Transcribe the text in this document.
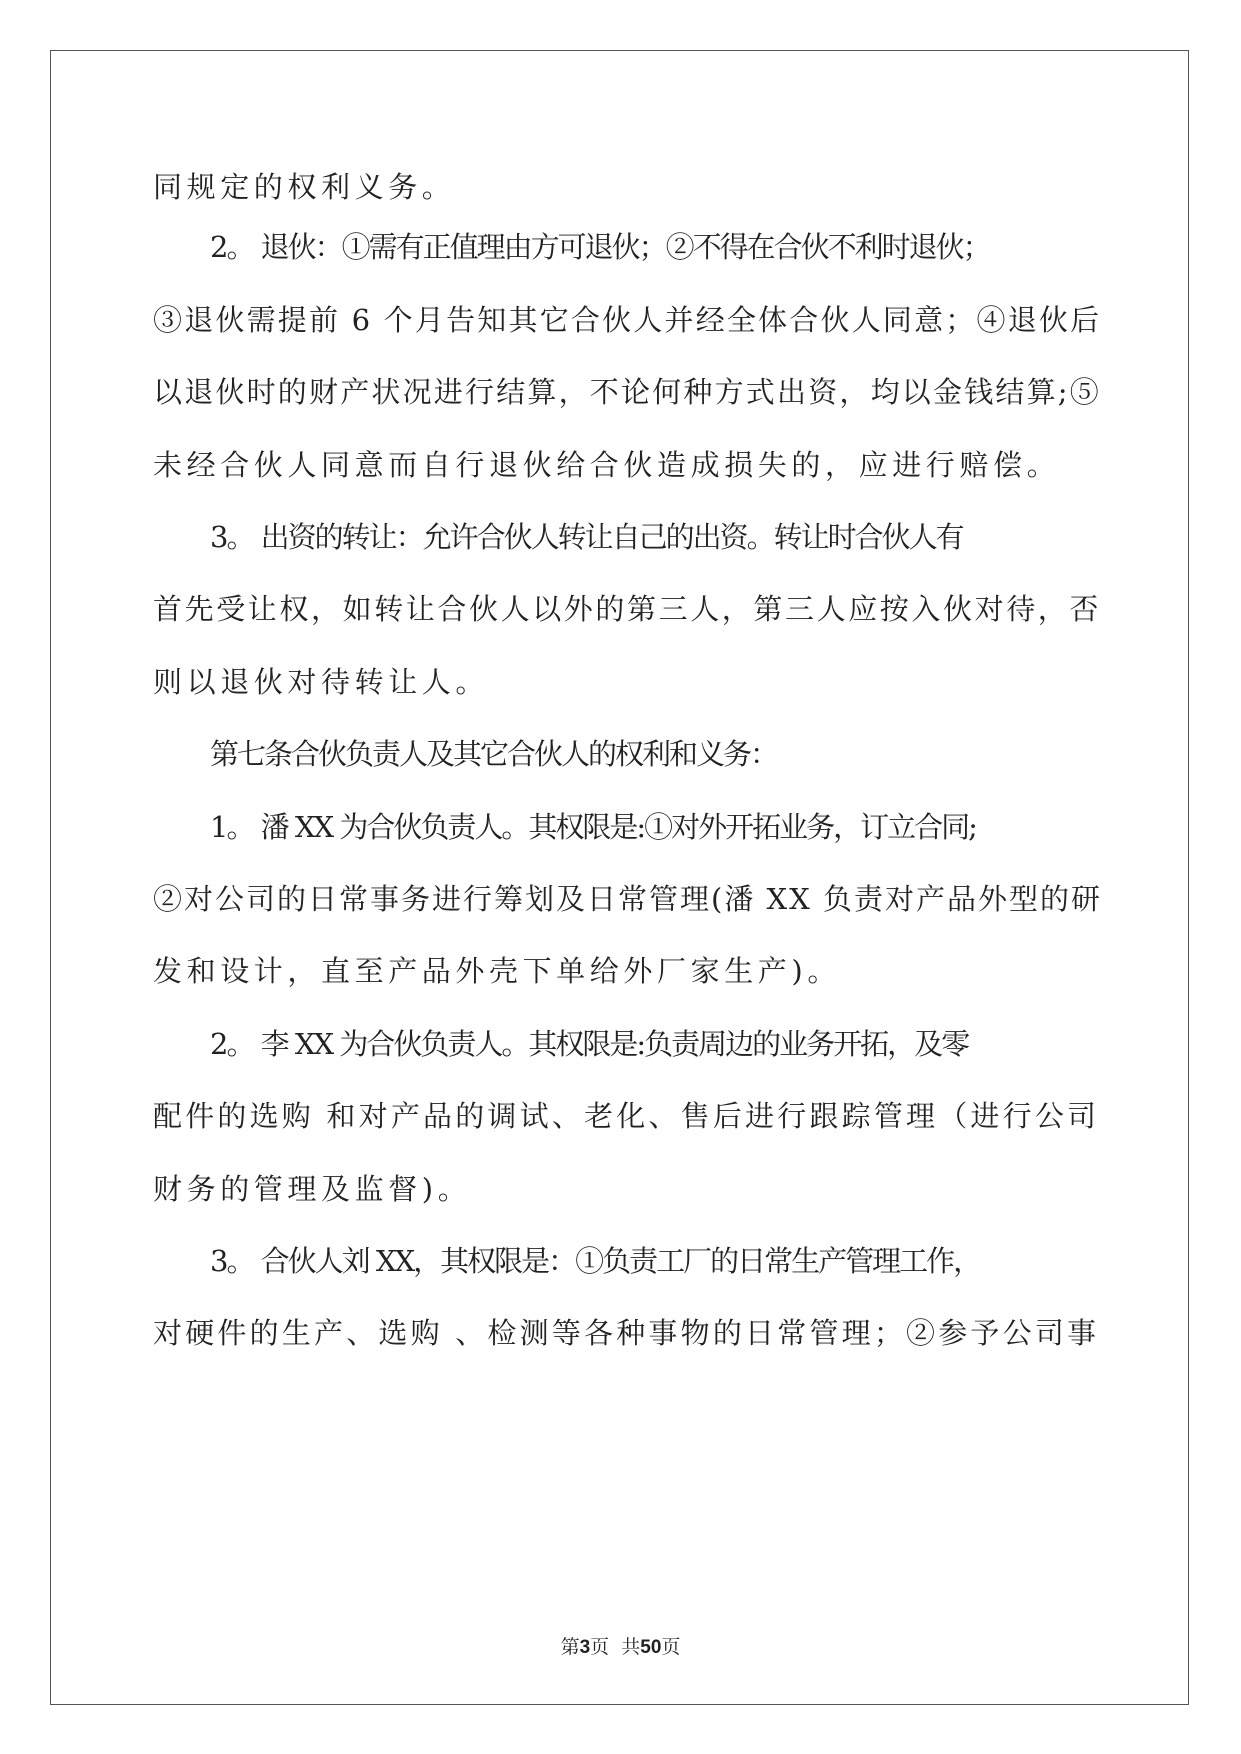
同规定的权利义务。

2。 退伙：①需有正值理由方可退伙；②不得在合伙不利时退伙；

③退伙需提前 6 个月告知其它合伙人并经全体合伙人同意；④退伙后

以退伙时的财产状况进行结算，不论何种方式出资，均以金钱结算;⑤

未经合伙人同意而自行退伙给合伙造成损失的，应进行赔偿。

3。 出资的转让：允许合伙人转让自己的出资。转让时合伙人有

首先受让权，如转让合伙人以外的第三人，第三人应按入伙对待，否

则以退伙对待转让人。

第七条合伙负责人及其它合伙人的权利和义务：

1。 潘 XX 为合伙负责人。其权限是:①对外开拓业务，订立合同;

②对公司的日常事务进行筹划及日常管理(潘 XX 负责对产品外型的研

发和设计，直至产品外壳下单给外厂家生产)。

2。 李 XX 为合伙负责人。其权限是:负责周边的业务开拓，及零

配件的选购 和对产品的调试、老化、售后进行跟踪管理（进行公司

财务的管理及监督)。

3。 合伙人刘 XX，其权限是：①负责工厂的日常生产管理工作，

对硬件的生产、选购 、检测等各种事物的日常管理；②参予公司事

第3页  共50页
